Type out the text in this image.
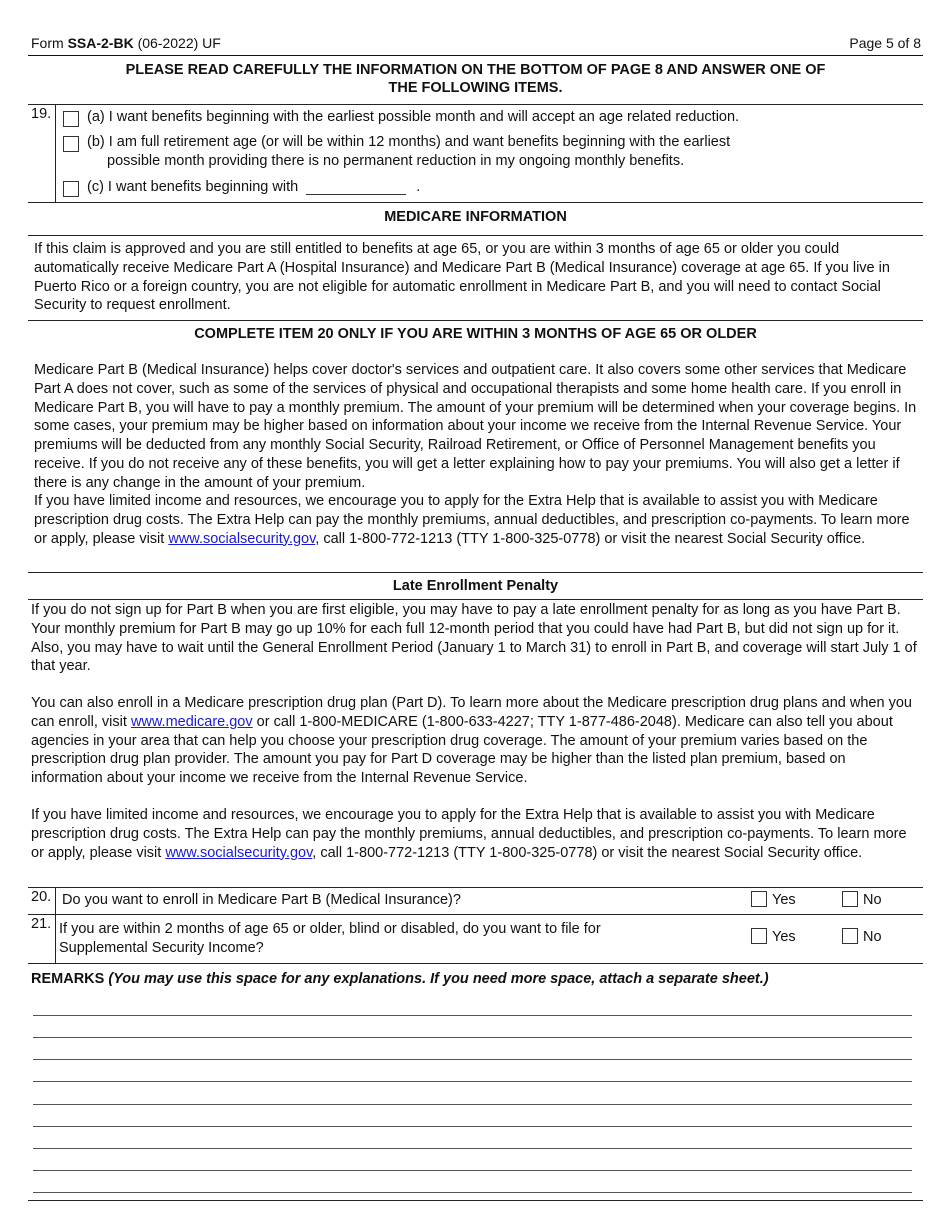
Form SSA-2-BK (06-2022) UF	Page 5 of 8
PLEASE READ CAREFULLY THE INFORMATION ON THE BOTTOM OF PAGE 8 AND ANSWER ONE OF
THE FOLLOWING ITEMS.
19. (a) I want benefits beginning with the earliest possible month and will accept an age related reduction.
(b) I am full retirement age (or will be within 12 months) and want benefits beginning with the earliest
possible month providing there is no permanent reduction in my ongoing monthly benefits.
(c) I want benefits beginning with	.
MEDICARE INFORMATION
If this claim is approved and you are still entitled to benefits at age 65, or you are within 3 months of age 65 or older you could automatically receive Medicare Part A (Hospital Insurance) and Medicare Part B (Medical Insurance) coverage at age 65. If you live in Puerto Rico or a foreign country, you are not eligible for automatic enrollment in Medicare Part B, and you will need to contact Social Security to request enrollment.
COMPLETE ITEM 20 ONLY IF YOU ARE WITHIN 3 MONTHS OF AGE 65 OR OLDER
Medicare Part B (Medical Insurance) helps cover doctor's services and outpatient care. It also covers some other services that Medicare Part A does not cover, such as some of the services of physical and occupational therapists and some home health care. If you enroll in Medicare Part B, you will have to pay a monthly premium. The amount of your premium will be determined when your coverage begins. In some cases, your premium may be higher based on information about your income we receive from the Internal Revenue Service. Your premiums will be deducted from any monthly Social Security, Railroad Retirement, or Office of Personnel Management benefits you receive. If you do not receive any of these benefits, you will get a letter explaining how to pay your premiums. You will also get a letter if there is any change in the amount of your premium.
If you have limited income and resources, we encourage you to apply for the Extra Help that is available to assist you with Medicare prescription drug costs. The Extra Help can pay the monthly premiums, annual deductibles, and prescription co-payments. To learn more or apply, please visit www.socialsecurity.gov, call 1-800-772-1213 (TTY 1-800-325-0778) or visit the nearest Social Security office.
Late Enrollment Penalty
If you do not sign up for Part B when you are first eligible, you may have to pay a late enrollment penalty for as long as you have Part B. Your monthly premium for Part B may go up 10% for each full 12-month period that you could have had Part B, but did not sign up for it. Also, you may have to wait until the General Enrollment Period (January 1 to March 31) to enroll in Part B, and coverage will start July 1 of that year.
You can also enroll in a Medicare prescription drug plan (Part D). To learn more about the Medicare prescription drug plans and when you can enroll, visit www.medicare.gov or call 1-800-MEDICARE (1-800-633-4227; TTY 1-877-486-2048). Medicare can also tell you about agencies in your area that can help you choose your prescription drug coverage. The amount of your premium varies based on the prescription drug plan provider. The amount you pay for Part D coverage may be higher than the listed plan premium, based on information about your income we receive from the Internal Revenue Service.
If you have limited income and resources, we encourage you to apply for the Extra Help that is available to assist you with Medicare prescription drug costs. The Extra Help can pay the monthly premiums, annual deductibles, and prescription co-payments. To learn more or apply, please visit www.socialsecurity.gov, call 1-800-772-1213 (TTY 1-800-325-0778) or visit the nearest Social Security office.
20. Do you want to enroll in Medicare Part B (Medical Insurance)?	Yes	No
21. If you are within 2 months of age 65 or older, blind or disabled, do you want to file for
Supplemental Security Income?
Yes	No
REMARKS (You may use this space for any explanations. If you need more space, attach a separate sheet.)
